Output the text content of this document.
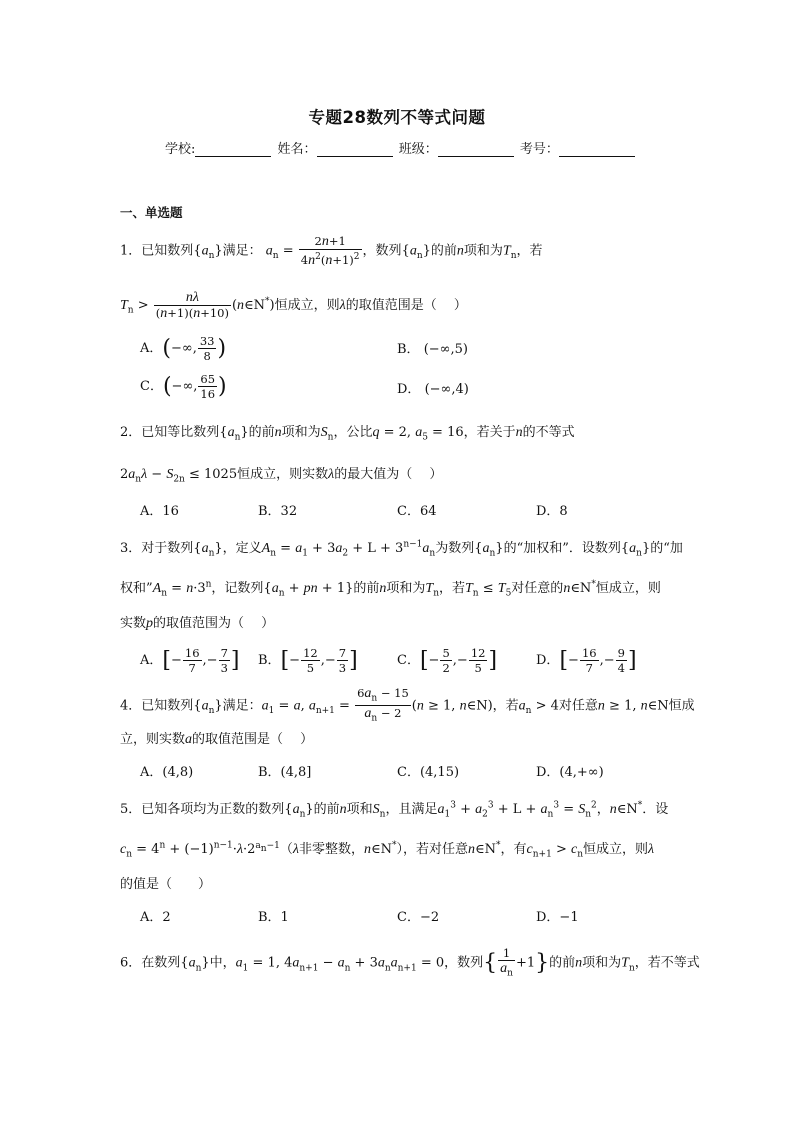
专题28数列不等式问题
学校:	姓名：	班级：	考号：
一、单选题
1．已知数列$\{a_n\}$满足： $a_n = \frac{2n+1}{4n^2(n+1)^2}$ ，数列$\{a_n\}$的前n项和为$T_n$，若
$T_n > \frac{n\lambda}{(n+1)(n+10)}$ (n∈N*)恒成立，则λ的取值范围是（　 ）
A．(−∞, $\frac{33}{8}$ )	B． (−∞,5)
C．(−∞, $\frac{65}{16}$ )	D． (−∞,4)
2．已知等比数列$\{a_n\}$的前n项和为$S_n$，公比q = 2, $a_5 = 16$，若关于n的不等式
$2a_n\lambda - S_{2n} \le 1025$恒成立，则实数λ的最大值为（　 ）
A．16	B．32	C．64	D．8
3．对于数列$\{a_n\}$，定义$A_n = a_1 + 3a_2 + L + 3^{n-1}a_n$为数列$\{a_n\}$的“加权和”．设数列$\{a_n\}$的“加
权和$”A_n = n\cdot 3^n$，记数列{$a_n$ + pn + 1}的前n项和为$T_n$，若$T_n \le T_5$对任意的n∈N*恒成立，则
实数p的取值范围为（　 ）
A．[− $\frac{16}{7}$ ,− $\frac{7}{3}$ ] B．[− $\frac{12}{5}$ ,− $\frac{7}{3}$ ]	C．[− $\frac{5}{2}$ ,− $\frac{12}{5}$ ]	D．[− $\frac{16}{7}$ ,− $\frac{9}{4}$ ]
4．已知数列$\{a_n\}$满足：$a_1 = a$, $a_{n+1} = \frac{6a_n - 15}{a_n - 2} (n \ge 1$, n∈N)，若$a_n > 4$对任意n ≥ 1, n∈N恒成
立，则实数a的取值范围是（　 ）
A．(4,8)	B．(4,8]	C．(4,15)	D．(4,+∞)
5．已知各项均为正数的数列$\{a_n\}$的前n项和$S_n$，且满足$a_1^3 + a_2^3 + L + a_n^3 = S_n^2$，n∈N*．设
$c_n = 4^n + (-1)^{n-1}\cdot\lambda\cdot 2^{a_n-1}(\lambda$非零整数，n∈N*），若对任意n∈N*，有$c_{n+1} > c_n$恒成立，则λ
的值是（　　）
A．2	B．1	C．−2	D．−1
6．在数列$\{a_n\}$中，$a_1 = 1$, $4a_{n+1} - a_n + 3a_na_{n+1} = 0$，数列{ $\frac{1}{a_n} +1$}的前n项和为$T_n$，若不等式
